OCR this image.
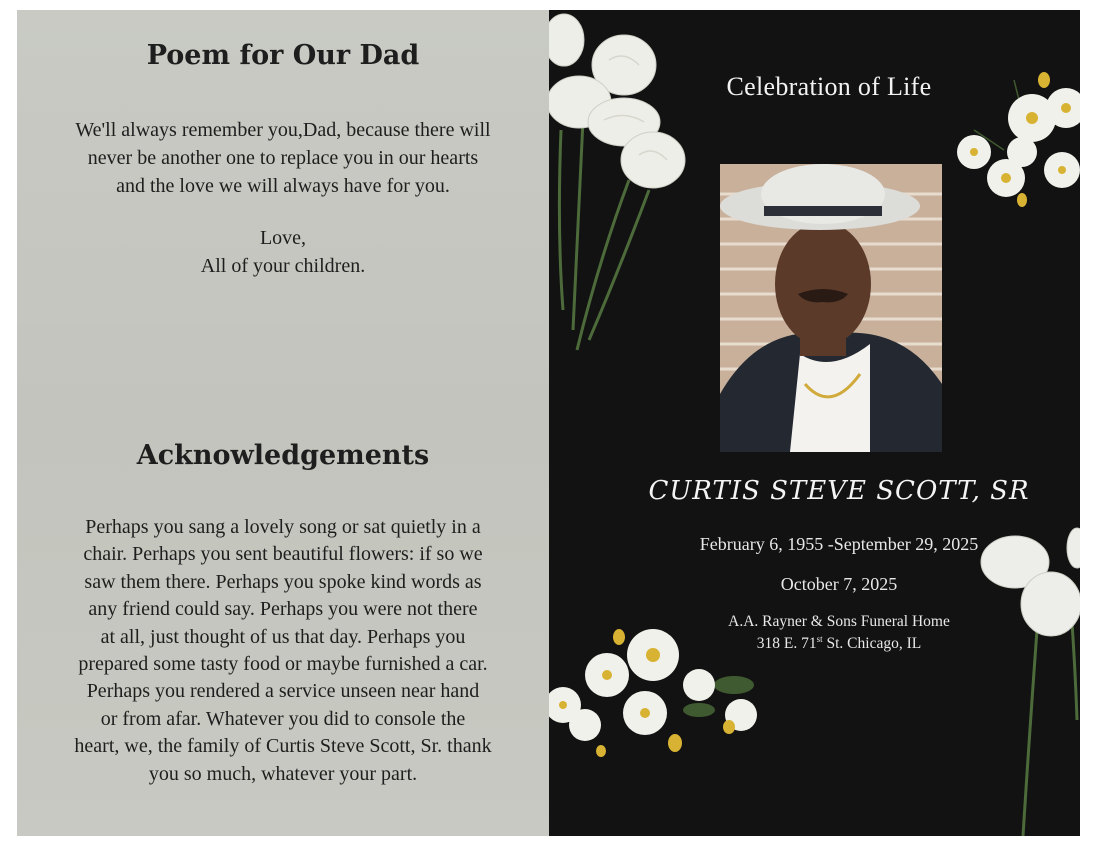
Poem for Our Dad
We'll always remember you,Dad, because there will
never be another one to replace you in our hearts
and the love we will always have for you.
Love,
All of your children.
Acknowledgements
Perhaps you sang a lovely song or sat quietly in a
chair. Perhaps you sent beautiful flowers: if so we
saw them there. Perhaps you spoke kind words as
any friend could say. Perhaps you were not there
at all, just thought of us that day. Perhaps you
prepared some tasty food or maybe furnished a car.
Perhaps you rendered a service unseen near hand
or from afar. Whatever you did to console the
heart, we, the family of Curtis Steve Scott, Sr. thank
you so much, whatever your part.
Celebration of Life
CURTIS STEVE SCOTT, SR
February 6, 1955 -September 29, 2025
October 7, 2025
A.A. Rayner & Sons Funeral Home
318 E. 71st St. Chicago, IL
